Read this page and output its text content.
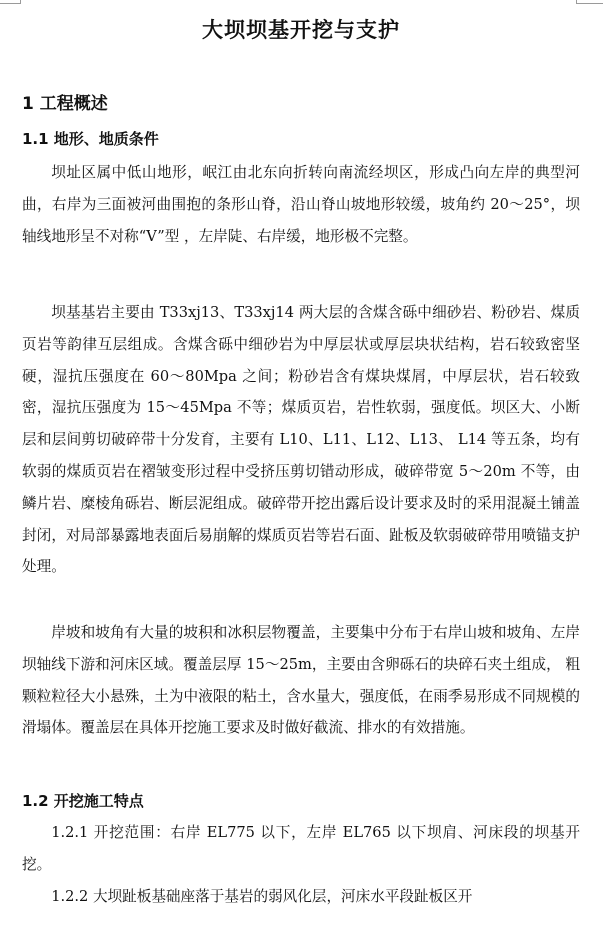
大坝坝基开挖与支护
1 工程概述
1.1 地形、地质条件

坝址区属中低山地形，岷江由北东向折转向南流经坝区，形成凸向左岸的典型河曲，右岸为三面被河曲围抱的条形山脊，沿山脊山坡地形较缓，坡角约 20～25°，坝轴线地形呈不对称“V”型 ，左岸陡、右岸缓，地形极不完整。

坝基基岩主要由 T33xj13、T33xj14 两大层的含煤含砾中细砂岩、粉砂岩、煤质页岩等韵律互层组成。含煤含砾中细砂岩为中厚层状或厚层块状结构，岩石较致密坚硬，湿抗压强度在 60～80Mpa 之间；粉砂岩含有煤块煤屑，中厚层状，岩石较致密，湿抗压强度为 15～45Mpa 不等；煤质页岩，岩性软弱，强度低。坝区大、小断层和层间剪切破碎带十分发育，主要有 L10、L11、L12、L13、 L14 等五条，均有软弱的煤质页岩在褶皱变形过程中受挤压剪切错动形成，破碎带宽 5～20m 不等，由鳞片岩、糜棱角砾岩、断层泥组成。破碎带开挖出露后设计要求及时的采用混凝土铺盖封闭，对局部暴露地表面后易崩解的煤质页岩等岩石面、趾板及软弱破碎带用喷锚支护处理。

岸坡和坡角有大量的坡积和冰积层物覆盖，主要集中分布于右岸山坡和坡角、左岸坝轴线下游和河床区域。覆盖层厚 15～25m，主要由含卵砾石的块碎石夹土组成， 粗颗粒粒径大小悬殊，土为中液限的粘土，含水量大，强度低，在雨季易形成不同规模的滑塌体。覆盖层在具体开挖施工要求及时做好截流、排水的有效措施。

1.2 开挖施工特点

1.2.1 开挖范围：右岸 EL775 以下，左岸 EL765 以下坝肩、河床段的坝基开挖。

1.2.2 大坝趾板基础座落于基岩的弱风化层，河床水平段趾板区开
